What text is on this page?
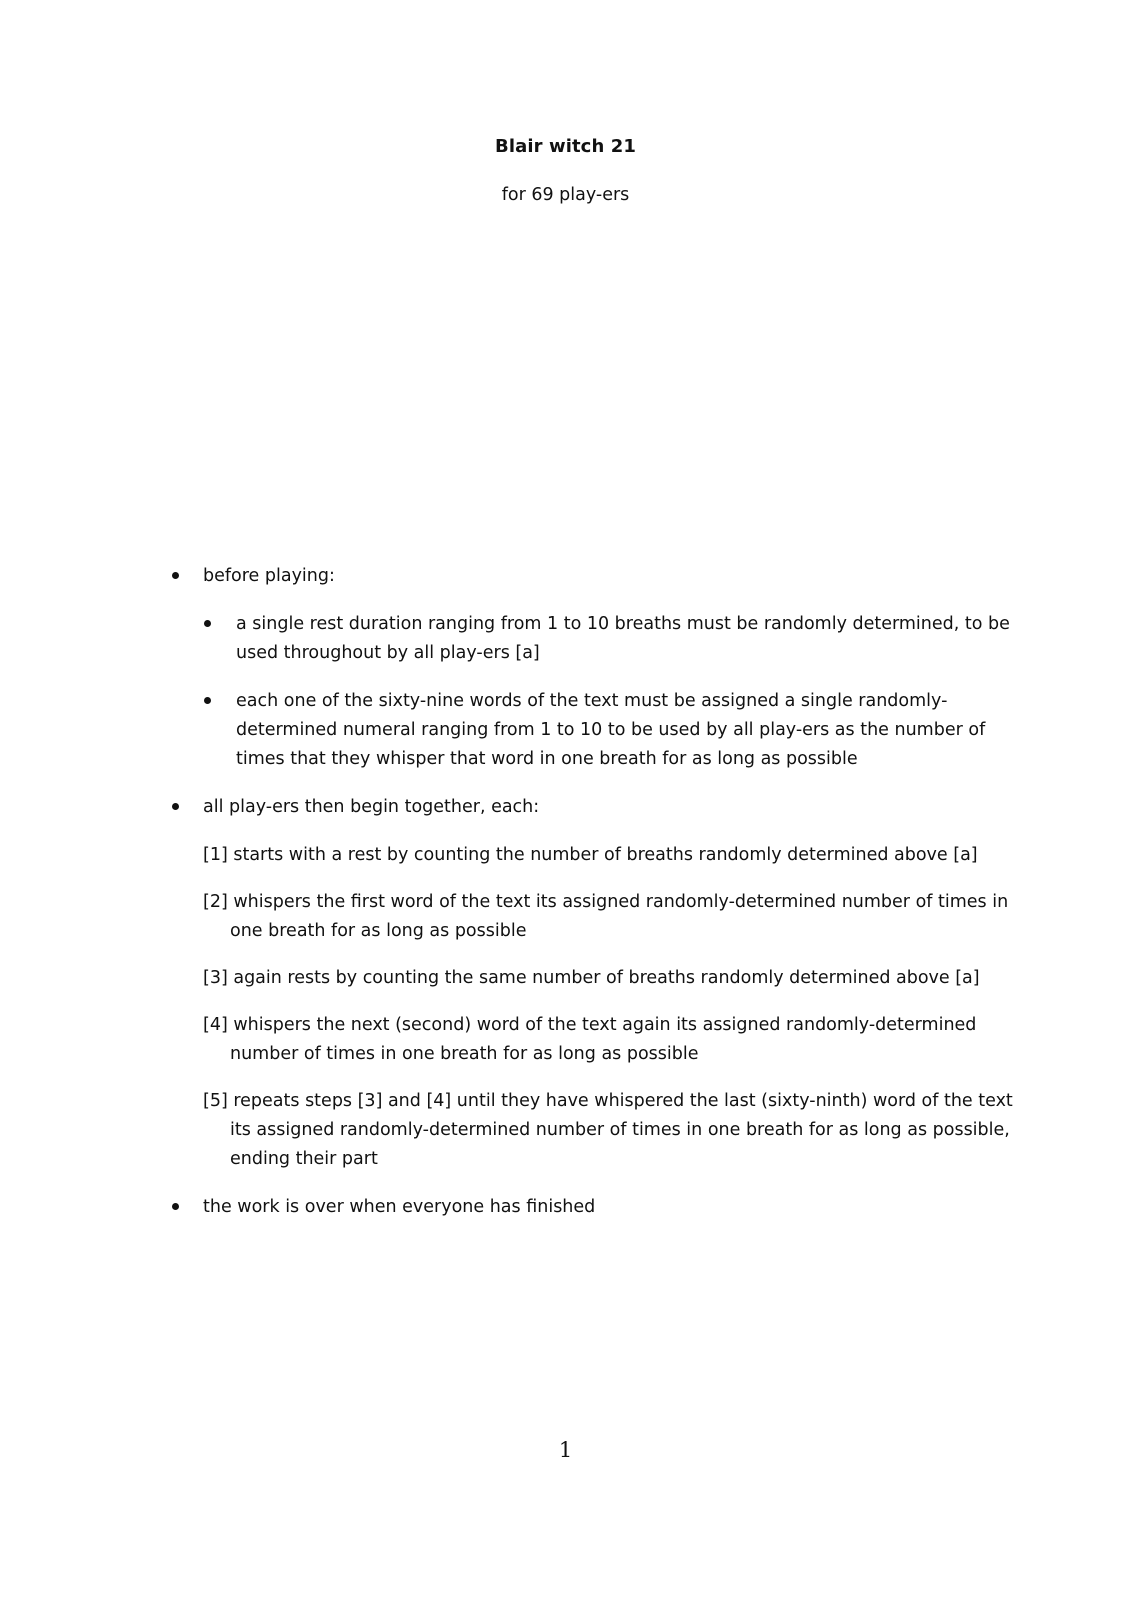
Blair witch 21
for 69 play-ers
before playing:
a single rest duration ranging from 1 to 10 breaths must be randomly determined, to be
used throughout by all play-ers [a]
each one of the sixty-nine words of the text must be assigned a single randomly-
determined numeral ranging from 1 to 10 to be used by all play-ers as the number of
times that they whisper that word in one breath for as long as possible
all play-ers then begin together, each:
[1] starts with a rest by counting the number of breaths randomly determined above [a]
[2] whispers the first word of the text its assigned randomly-determined number of times in
one breath for as long as possible
[3] again rests by counting the same number of breaths randomly determined above [a]
[4] whispers the next (second) word of the text again its assigned randomly-determined
number of times in one breath for as long as possible
[5] repeats steps [3] and [4] until they have whispered the last (sixty-ninth) word of the text
its assigned randomly-determined number of times in one breath for as long as possible,
ending their part
the work is over when everyone has finished
1
